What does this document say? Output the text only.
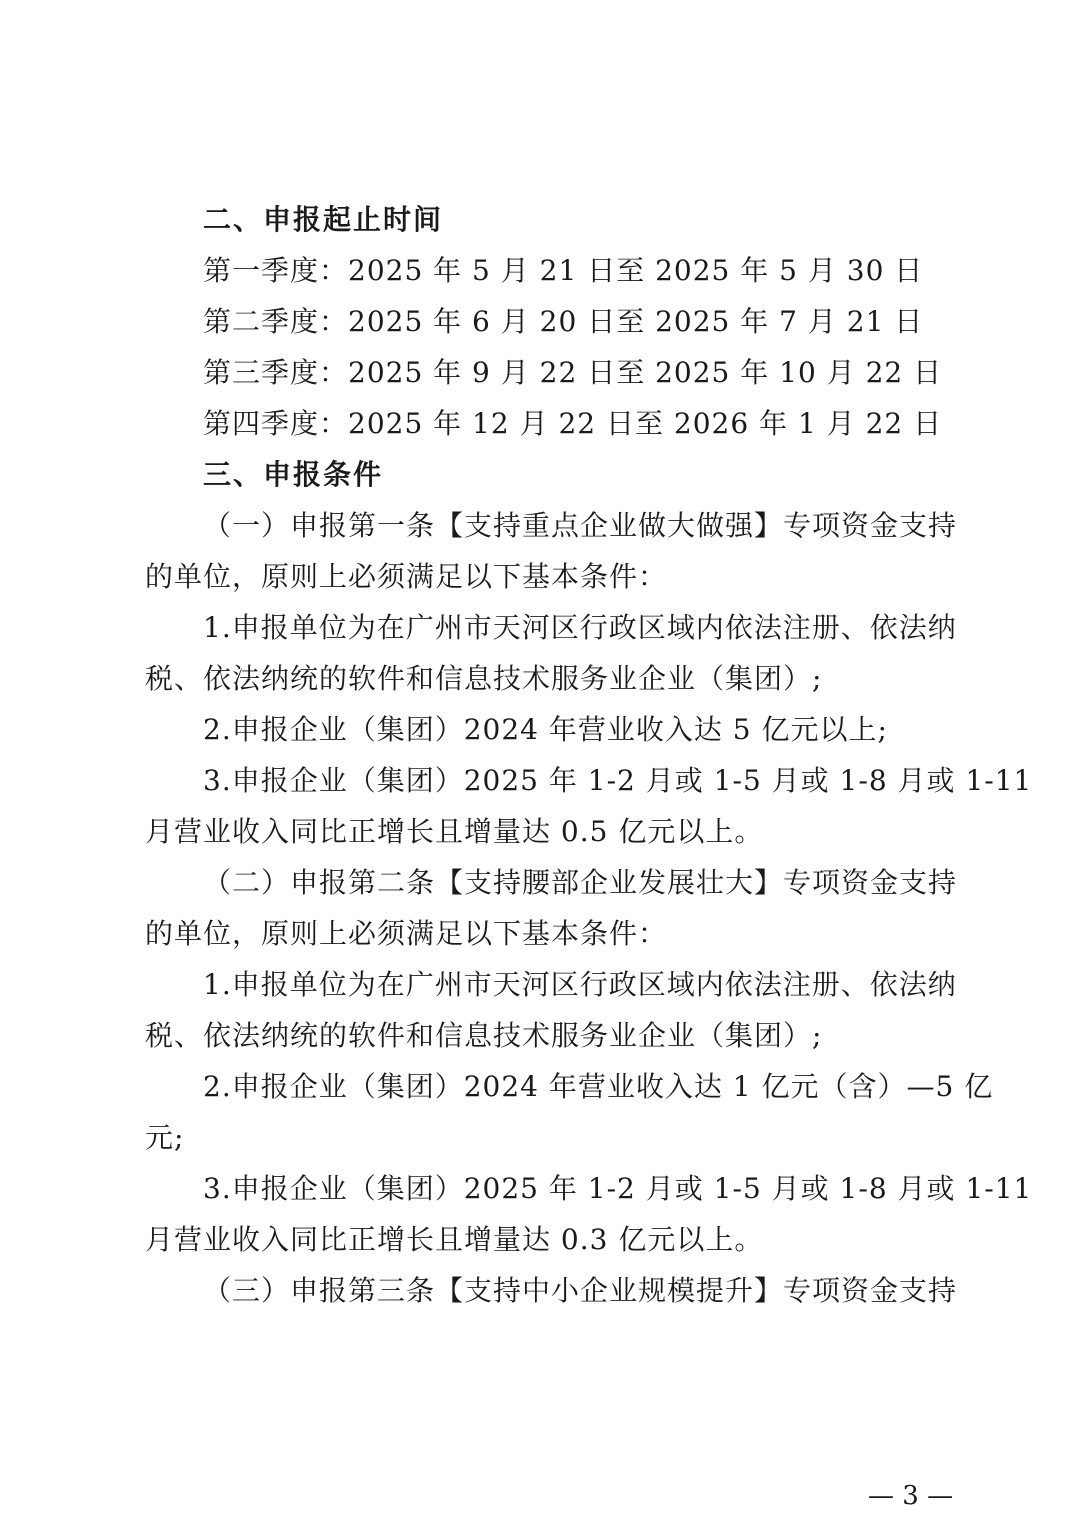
二、申报起止时间
第一季度：2025 年 5 月 21 日至 2025 年 5 月 30 日
第二季度：2025 年 6 月 20 日至 2025 年 7 月 21 日
第三季度：2025 年 9 月 22 日至 2025 年 10 月 22 日
第四季度：2025 年 12 月 22 日至 2026 年 1 月 22 日
三、申报条件
（一）申报第一条【支持重点企业做大做强】专项资金支持
的单位，原则上必须满足以下基本条件：
1.申报单位为在广州市天河区行政区域内依法注册、依法纳
税、依法纳统的软件和信息技术服务业企业（集团）;
2.申报企业（集团）2024 年营业收入达 5 亿元以上;
3.申报企业（集团）2025 年 1-2 月或 1-5 月或 1-8 月或 1-11
月营业收入同比正增长且增量达 0.5 亿元以上。
（二）申报第二条【支持腰部企业发展壮大】专项资金支持
的单位，原则上必须满足以下基本条件：
1.申报单位为在广州市天河区行政区域内依法注册、依法纳
税、依法纳统的软件和信息技术服务业企业（集团）;
2.申报企业（集团）2024 年营业收入达 1 亿元（含）—5 亿
元;
3.申报企业（集团）2025 年 1-2 月或 1-5 月或 1-8 月或 1-11
月营业收入同比正增长且增量达 0.3 亿元以上。
（三）申报第三条【支持中小企业规模提升】专项资金支持
— 3 —
